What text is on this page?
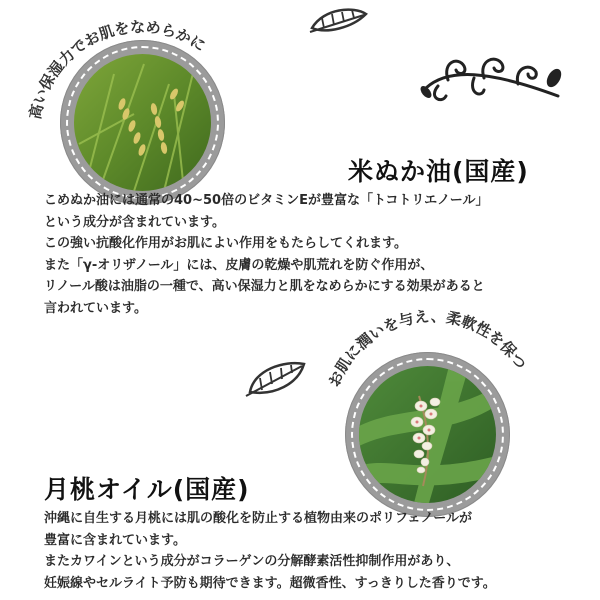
高い保湿力でお肌をなめらかに
米ぬか油(国産)
こめぬか油には通常の40~50倍のビタミンEが豊富な「トコトリエノール」
という成分が含まれています。
この強い抗酸化作用がお肌によい作用をもたらしてくれます。
また「γ-オリザノール」には、皮膚の乾燥や肌荒れを防ぐ作用が、
リノール酸は油脂の一種で、高い保湿力と肌をなめらかにする効果があると
言われています。
お肌に潤いを与え、柔軟性を保つ
月桃オイル(国産)
沖縄に自生する月桃には肌の酸化を防止する植物由来のポリフェノールが
豊富に含まれています。
またカワインという成分がコラーゲンの分解酵素活性抑制作用があり、
妊娠線やセルライト予防も期待できます。超微香性、すっきりした香りです。
